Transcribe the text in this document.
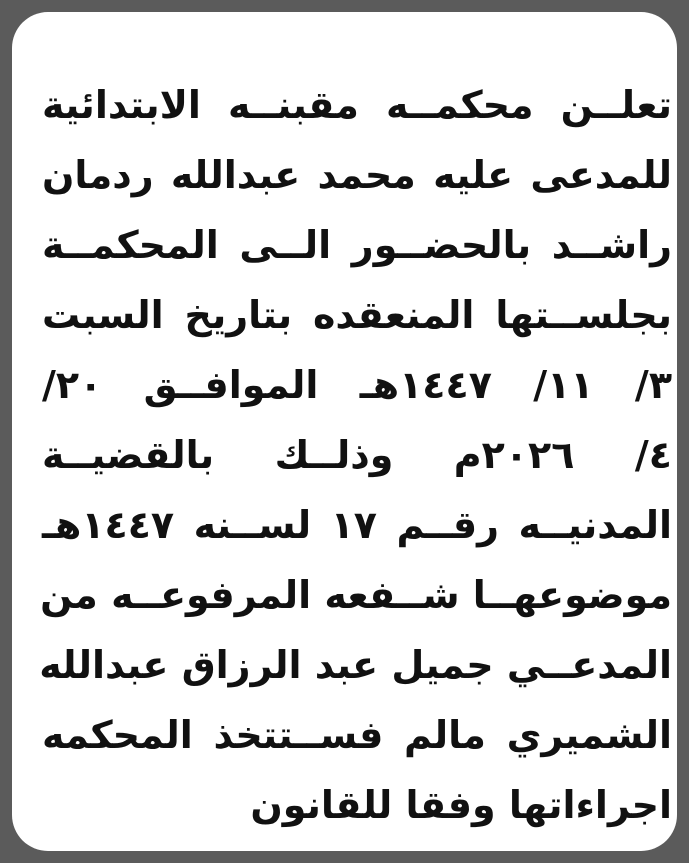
تعلــن محكمــه مقبنــه الابتدائية
للمدعى عليه محمد عبدالله ردمان
راشــد بالحضــور الــى المحكمــة
بجلســتها المنعقده بتاريخ السبت
٣/ ١١/ ١٤٤٧هـ الموافــق ٢٠/
٤/ ٢٠٢٦م وذلــك بالقضيــة
المدنيــه رقــم ١٧ لســنه ١٤٤٧هـ
موضوعهــا شــفعه المرفوعــه من
المدعــي جميل عبد الرزاق عبدالله
الشميري مالم فســتتخذ المحكمه
اجراءاتها وفقا للقانون
